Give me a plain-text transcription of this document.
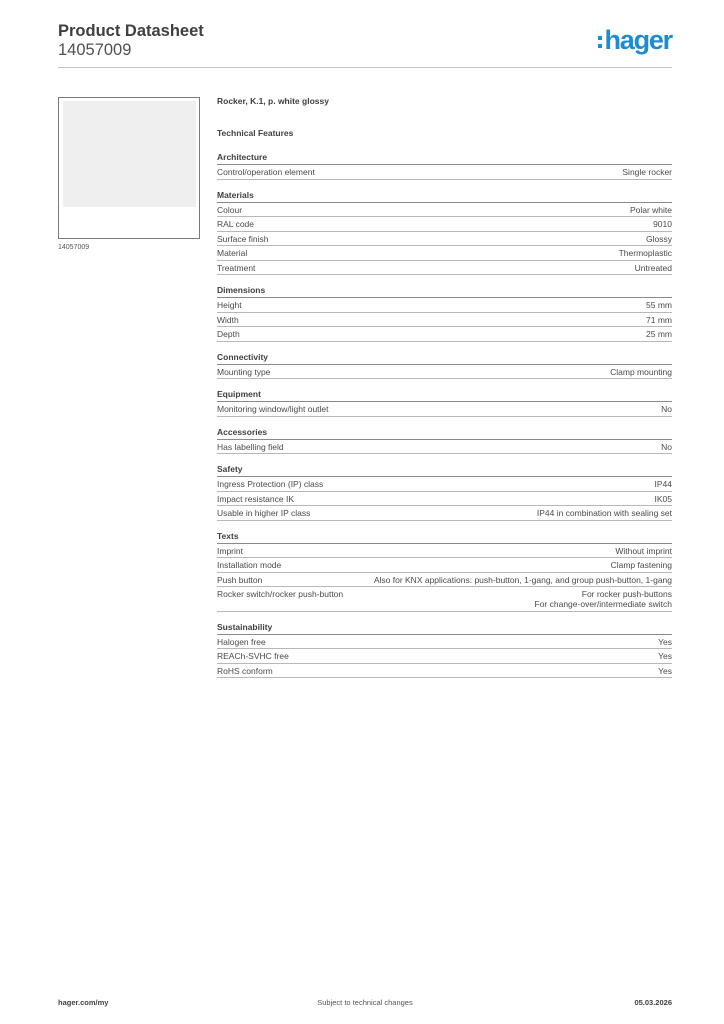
Product Datasheet
14057009	hager
14057009
Rocker, K.1, p. white glossy
Technical Features
Architecture
Control/operation element	Single rocker
Materials
Colour	Polar white
RAL code	9010
Surface finish	Glossy
Material	Thermoplastic
Treatment	Untreated
Dimensions
Height	55 mm
Width	71 mm
Depth	25 mm
Connectivity
Mounting type	Clamp mounting
Equipment
Monitoring window/light outlet	No
Accessories
Has labelling field	No
Safety
Ingress Protection (IP) class	IP44
Impact resistance IK	IK05
Usable in higher IP class	IP44 in combination with sealing set
Texts
Imprint	Without imprint
Installation mode	Clamp fastening
Push button	Also for KNX applications: push-button, 1-gang, and group push-button, 1-gang
Rocker switch/rocker push-button	For rocker push-buttons
For change-over/intermediate switch
Sustainability
Halogen free	Yes
REACh-SVHC free	Yes
RoHS conform	Yes
hager.com/my	Subject to technical changes	05.03.2026
